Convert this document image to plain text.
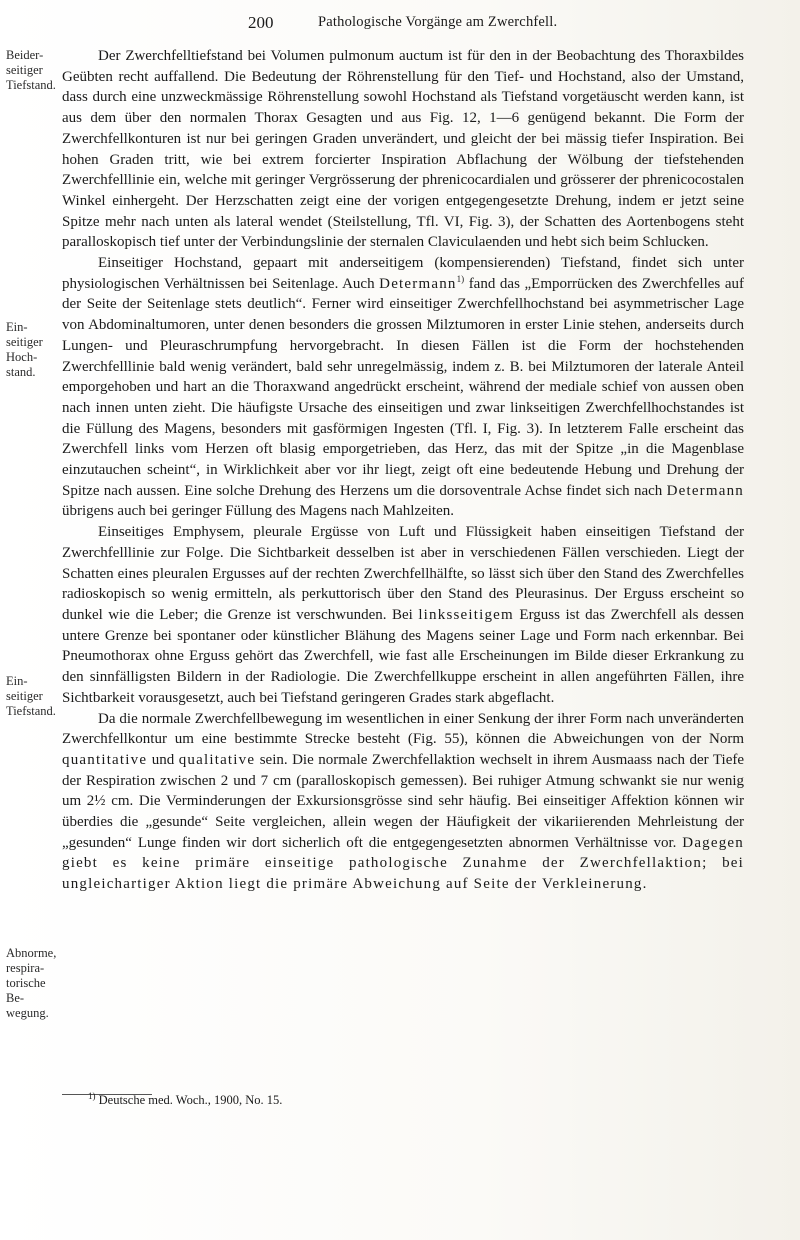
200	Pathologische Vorgänge am Zwerchfell.
Beider-
seitiger
Tiefstand.
Ein-
seitiger
Hoch-
stand.
Ein-
seitiger
Tiefstand.
Abnorme,
respira-
torische
Be-
wegung.

Der Zwerchfelltiefstand bei Volumen pulmonum auctum ist für den in der Beobachtung des Thoraxbildes Geübten recht auffallend. Die Bedeutung der Röhrenstellung für den Tief- und Hochstand, also der Umstand, dass durch eine unzweckmässige Röhrenstellung sowohl Hochstand als Tiefstand vorgetäuscht werden kann, ist aus dem über den normalen Thorax Gesagten und aus Fig. 12, 1—6 genügend bekannt. Die Form der Zwerchfellkonturen ist nur bei geringen Graden unverändert, und gleicht der bei mässig tiefer Inspiration. Bei hohen Graden tritt, wie bei extrem forcierter Inspiration Abflachung der Wölbung der tiefstehenden Zwerchfelllinie ein, welche mit geringer Vergrösserung der phrenicocardialen und grösserer der phrenicocostalen Winkel einhergeht. Der Herzschatten zeigt eine der vorigen entgegengesetzte Drehung, indem er jetzt seine Spitze mehr nach unten als lateral wendet (Steilstellung, Tfl. VI, Fig. 3), der Schatten des Aortenbogens steht paralloskopisch tief unter der Verbindungslinie der sternalen Claviculaenden und hebt sich beim Schlucken.

Einseitiger Hochstand, gepaart mit anderseitigem (kompensierenden) Tiefstand, findet sich unter physiologischen Verhältnissen bei Seitenlage. Auch Determann$^{1)}$ fand das „Emporrücken des Zwerchfelles auf der Seite der Seitenlage stets deutlich“. Ferner wird einseitiger Zwerchfellhochstand bei asymmetrischer Lage von Abdominaltumoren, unter denen besonders die grossen Milztumoren in erster Linie stehen, anderseits durch Lungen- und Pleuraschrumpfung hervorgebracht. In diesen Fällen ist die Form der hochstehenden Zwerchfelllinie bald wenig verändert, bald sehr unregelmässig, indem z. B. bei Milztumoren der laterale Anteil emporgehoben und hart an die Thoraxwand angedrückt erscheint, während der mediale schief von aussen oben nach innen unten zieht. Die häufigste Ursache des einseitigen und zwar linkseitigen Zwerchfellhochstandes ist die Füllung des Magens, besonders mit gasförmigen Ingesten (Tfl. I, Fig. 3). In letzterem Falle erscheint das Zwerchfell links vom Herzen oft blasig emporgetrieben, das Herz, das mit der Spitze „in die Magenblase einzutauchen scheint“, in Wirklichkeit aber vor ihr liegt, zeigt oft eine bedeutende Hebung und Drehung der Spitze nach aussen. Eine solche Drehung des Herzens um die dorsoventrale Achse findet sich nach Determann übrigens auch bei geringer Füllung des Magens nach Mahlzeiten.

Einseitiges Emphysem, pleurale Ergüsse von Luft und Flüssigkeit haben einseitigen Tiefstand der Zwerchfelllinie zur Folge. Die Sichtbarkeit desselben ist aber in verschiedenen Fällen verschieden. Liegt der Schatten eines pleuralen Ergusses auf der rechten Zwerchfellhälfte, so lässt sich über den Stand des Zwerchfelles radioskopisch so wenig ermitteln, als perkuttorisch über den Stand des Pleurasinus. Der Erguss erscheint so dunkel wie die Leber; die Grenze ist verschwunden. Bei linksseitigem Erguss ist das Zwerchfell als dessen untere Grenze bei spontaner oder künstlicher Blähung des Magens seiner Lage und Form nach erkennbar. Bei Pneumothorax ohne Erguss gehört das Zwerchfell, wie fast alle Erscheinungen im Bilde dieser Erkrankung zu den sinnfälligsten Bildern in der Radiologie. Die Zwerchfellkuppe erscheint in allen angeführten Fällen, ihre Sichtbarkeit vorausgesetzt, auch bei Tiefstand geringeren Grades stark abgeflacht.

Da die normale Zwerchfellbewegung im wesentlichen in einer Senkung der ihrer Form nach unveränderten Zwerchfellkontur um eine bestimmte Strecke besteht (Fig. 55), können die Abweichungen von der Norm quantitative und qualitative sein. Die normale Zwerchfellaktion wechselt in ihrem Ausmaass nach der Tiefe der Respiration zwischen 2 und 7 cm (paralloskopisch gemessen). Bei ruhiger Atmung schwankt sie nur wenig um 2½ cm. Die Verminderungen der Exkursionsgrösse sind sehr häufig. Bei einseitiger Affektion können wir überdies die „gesunde“ Seite vergleichen, allein wegen der Häufigkeit der vikariierenden Mehrleistung der „gesunden“ Lunge finden wir dort sicherlich oft die entgegengesetzten abnormen Verhältnisse vor. Dagegen giebt es keine primäre einseitige pathologische Zunahme der Zwerchfellaktion; bei ungleichartiger Aktion liegt die primäre Abweichung auf Seite der Verkleinerung.

$^{1)}$ Deutsche med. Woch., 1900, No. 15.
